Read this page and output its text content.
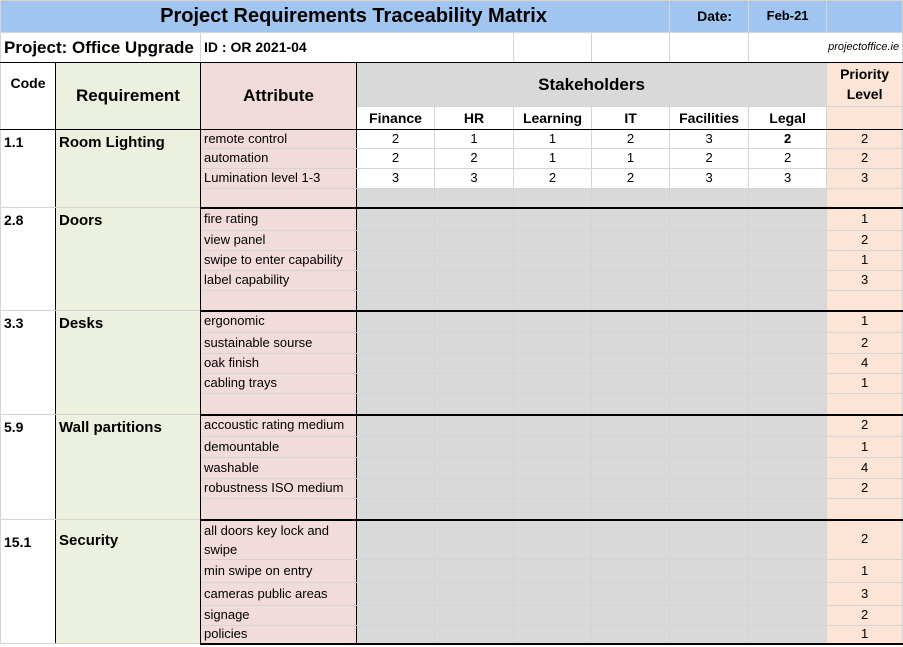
Project Requirements Traceability Matrix							Date:	Feb-21	
Project: Office Upgrade		ID : OR 2021-04						projectoffice.ie	
Code	Requirement	Attribute	Stakeholders						Priority Level
			Finance	HR	Learning	IT	Facilities	Legal	
1.1	Room Lighting	remote control	2	1	1	2	3	2	2
		automation	2	2	1	1	2	2	2
		Lumination level 1-3	3	3	2	2	3	3	3

2.8	Doors	fire rating							1
		view panel							2
		swipe to enter capability							1
		label capability							3

3.3	Desks	ergonomic							1
		sustainable sourse							2
		oak finish							4
		cabling trays							1

5.9	Wall partitions	accoustic rating medium							2
		demountable							1
		washable							4
		robustness ISO medium							2

15.1	Security	all doors key lock and swipe							2
		min swipe on entry							1
		cameras public areas							3
		signage							2
		policies							1
